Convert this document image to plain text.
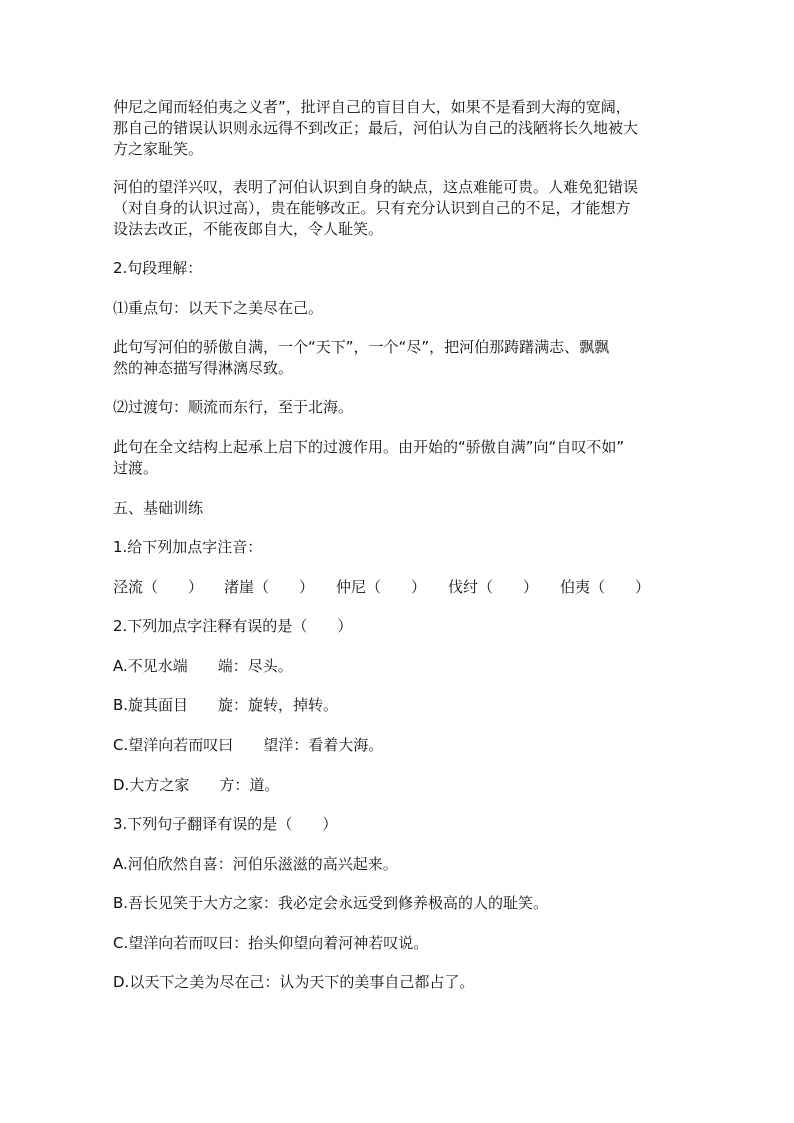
仲尼之闻而轻伯夷之义者”，批评自己的盲目自大，如果不是看到大海的宽阔，
那自己的错误认识则永远得不到改正；最后，河伯认为自己的浅陋将长久地被大
方之家耻笑。
河伯的望洋兴叹，表明了河伯认识到自身的缺点，这点难能可贵。人难免犯错误
（对自身的认识过高），贵在能够改正。只有充分认识到自己的不足，才能想方
设法去改正，不能夜郎自大，令人耻笑。
2.句段理解：
⑴重点句：以天下之美尽在己。
此句写河伯的骄傲自满，一个“天下”，一个“尽”，把河伯那踌躇满志、飘飘
然的神态描写得淋漓尽致。
⑵过渡句：顺流而东行，至于北海。
此句在全文结构上起承上启下的过渡作用。由开始的“骄傲自满”向“自叹不如”
过渡。
五、基础训练
1.给下列加点字注音：
泾流（　　） 渚崖（　　） 仲尼（　　） 伐纣（　　） 伯夷（　　）
2.下列加点字注释有误的是（　　）
A.不见水端　　端：尽头。
B.旋其面目　　旋：旋转，掉转。
C.望洋向若而叹曰　　望洋：看着大海。
D.大方之家　　方：道。
3.下列句子翻译有误的是（　　）
A.河伯欣然自喜：河伯乐滋滋的高兴起来。
B.吾长见笑于大方之家：我必定会永远受到修养极高的人的耻笑。
C.望洋向若而叹曰：抬头仰望向着河神若叹说。
D.以天下之美为尽在己：认为天下的美事自己都占了。
